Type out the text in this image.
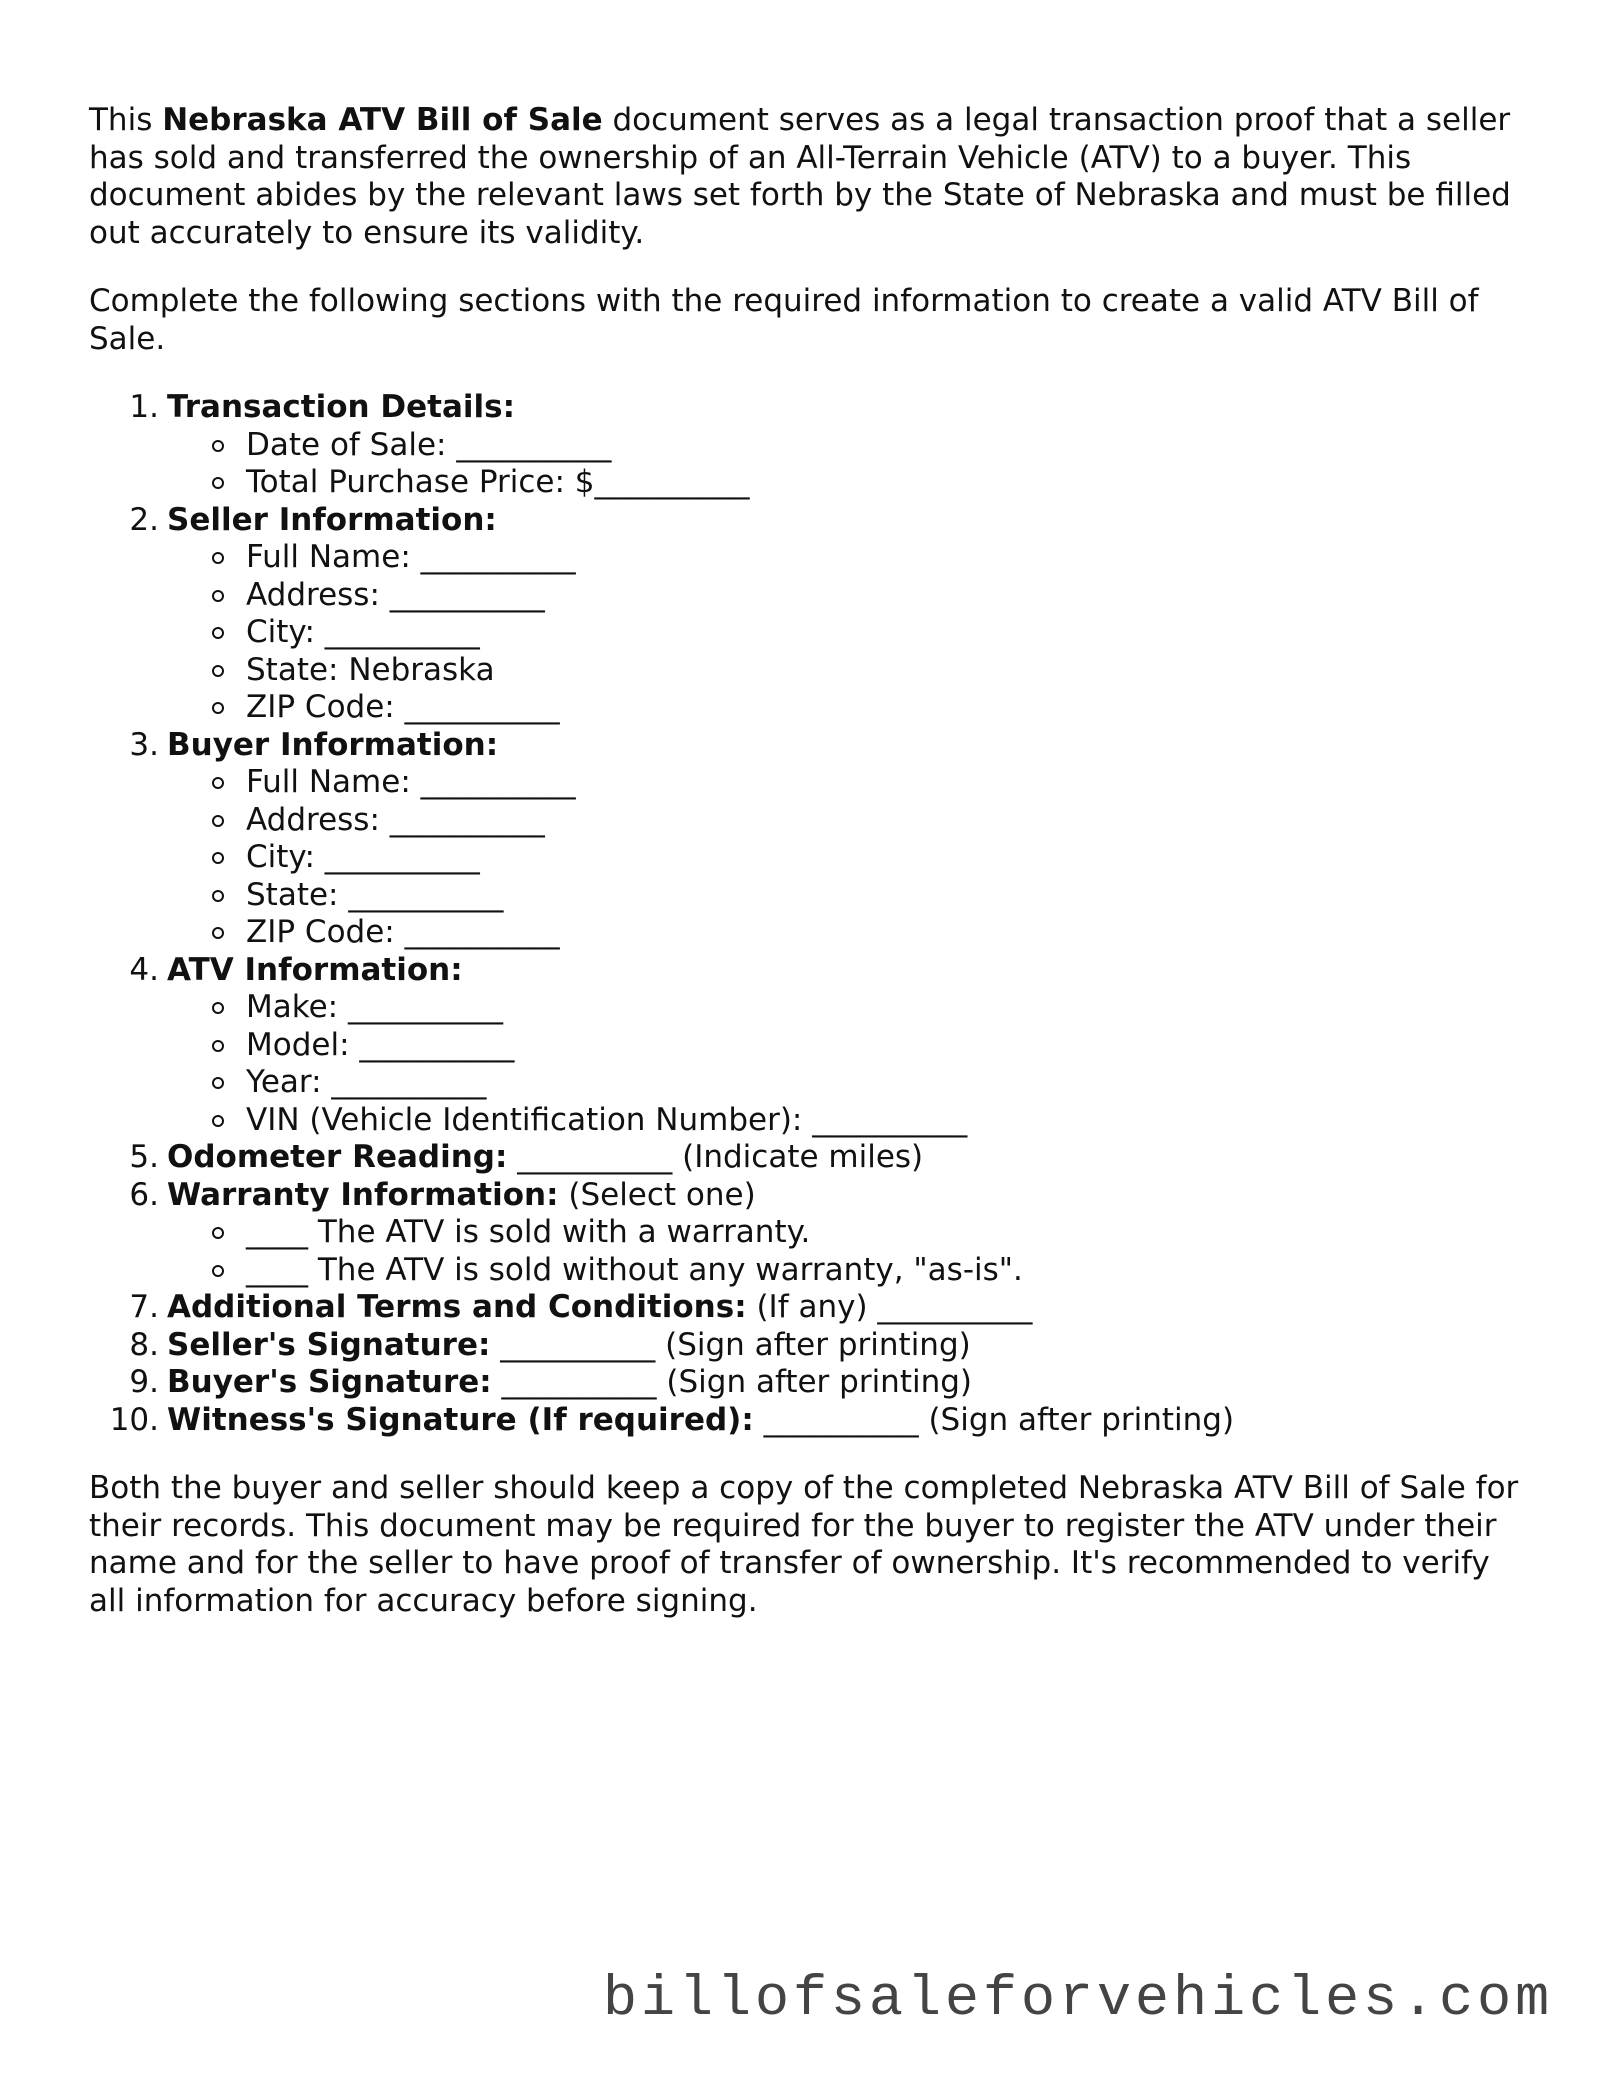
This Nebraska ATV Bill of Sale document serves as a legal transaction proof that a seller has sold and transferred the ownership of an All-Terrain Vehicle (ATV) to a buyer. This document abides by the relevant laws set forth by the State of Nebraska and must be filled out accurately to ensure its validity.

Complete the following sections with the required information to create a valid ATV Bill of Sale.

1. Transaction Details:
Date of Sale: __________
Total Purchase Price: $__________
2. Seller Information:
Full Name: __________
Address: __________
City: __________
State: Nebraska
ZIP Code: __________
3. Buyer Information:
Full Name: __________
Address: __________
City: __________
State: __________
ZIP Code: __________
4. ATV Information:
Make: __________
Model: __________
Year: __________
VIN (Vehicle Identification Number): __________
5. Odometer Reading: __________ (Indicate miles)
6. Warranty Information: (Select one)
____ The ATV is sold with a warranty.
____ The ATV is sold without any warranty, "as-is".
7. Additional Terms and Conditions: (If any) __________
8. Seller's Signature: __________ (Sign after printing)
9. Buyer's Signature: __________ (Sign after printing)
10. Witness's Signature (If required): __________ (Sign after printing)

Both the buyer and seller should keep a copy of the completed Nebraska ATV Bill of Sale for their records. This document may be required for the buyer to register the ATV under their name and for the seller to have proof of transfer of ownership. It's recommended to verify all information for accuracy before signing.

billofsaleforvehicles.com
